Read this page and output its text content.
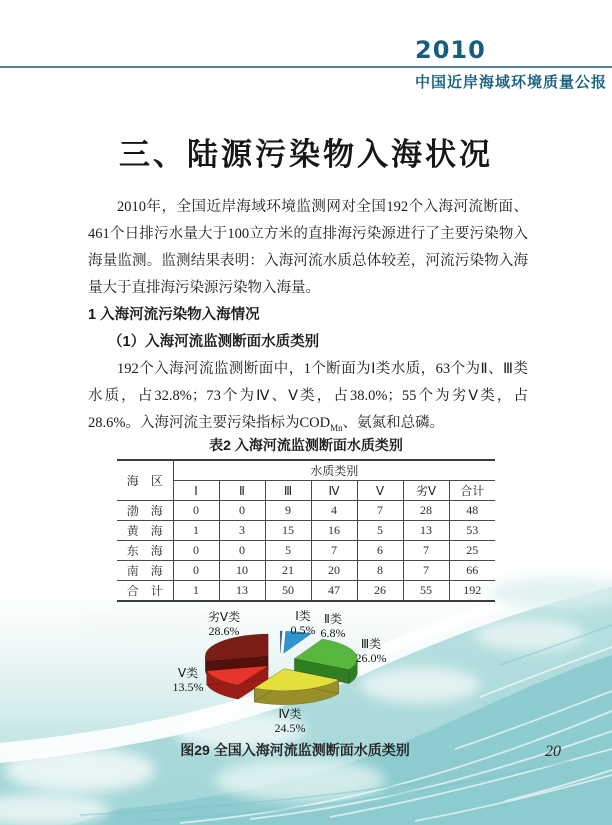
2010
中国近岸海域环境质量公报
三、陆源污染物入海状况

2010年，全国近岸海域环境监测网对全国192个入海河流断面、461个日排污水量大于100立方米的直排海污染源进行了主要污染物入海量监测。监测结果表明：入海河流水质总体较差，河流污染物入海量大于直排海污染源污染物入海量。

1 入海河流污染物入海情况

（1）入海河流监测断面水质类别

192个入海河流监测断面中，1个断面为Ⅰ类水质，63个为Ⅱ、Ⅲ类水质，占32.8%；73个为Ⅳ、Ⅴ类，占38.0%；55个为劣Ⅴ类，占28.6%。入海河流主要污染指标为$COD_{Mn}$、氨氮和总磷。

表2 入海河流监测断面水质类别
海　区	水质类别						
	Ⅰ	Ⅱ	Ⅲ	Ⅳ	Ⅴ	劣Ⅴ	合计
渤　海	0	0	9	4	7	28	48
黄　海	1	3	15	16	5	13	53
东　海	0	0	5	7	6	7	25
南　海	0	10	21	20	8	7	66
合　计	1	13	50	47	26	55	192
Ⅰ类
0.5%
Ⅱ类
6.8%
Ⅲ类
26.0%
Ⅳ类
24.5%
Ⅴ类
13.5%
劣Ⅴ类
28.6%
图29 全国入海河流监测断面水质类别	20
